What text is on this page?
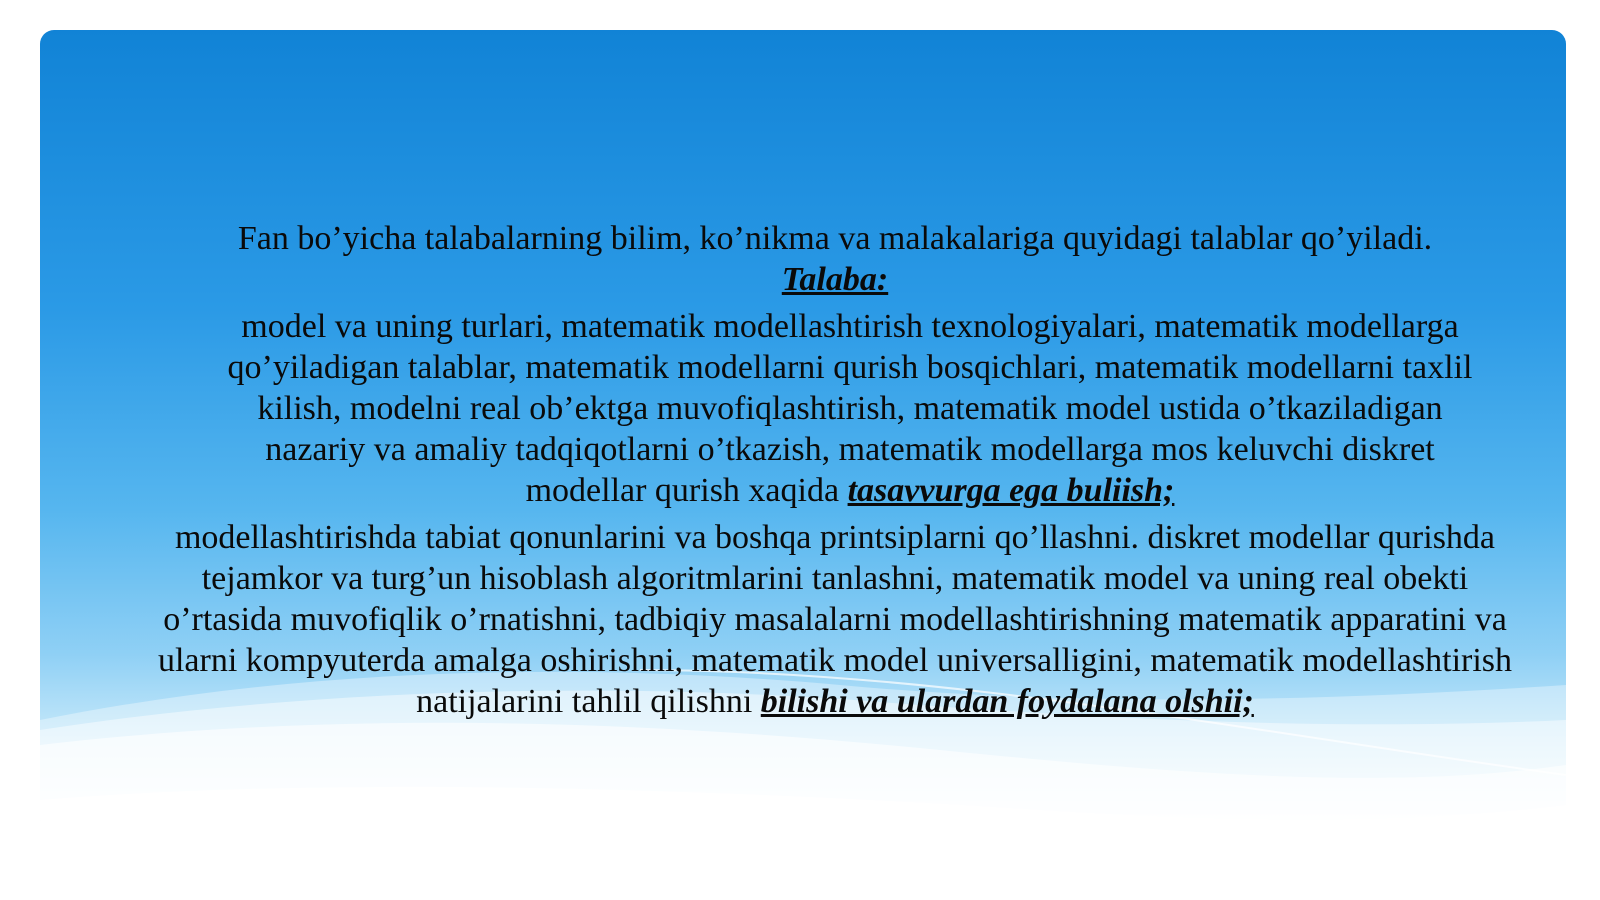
Fan bo’yicha talabalarning bilim, ko’nikma va malakalariga quyidagi talablar qo’yiladi.

Talaba:

model va uning turlari, matematik modellashtirish texnologiyalari, matematik modellarga qo’yiladigan talablar, matematik modellarni qurish bosqichlari, matematik modellarni taxlil kilish, modelni real ob’ektga muvofiqlashtirish, matematik model ustida o’tkaziladigan nazariy va amaliy tadqiqotlarni o’tkazish, matematik modellarga mos keluvchi diskret modellar qurish xaqida tasavvurga ega buliish;

modellashtirishda tabiat qonunlarini va boshqa printsiplarni qo’llashni. diskret modellar qurishda tejamkor va turg’un hisoblash algoritmlarini tanlashni, matematik model va uning real obekti o’rtasida muvofiqlik o’rnatishni, tadbiqiy masalalarni modellashtirishning matematik apparatini va ularni kompyuterda amalga oshirishni, matematik model universalligini, matematik modellashtirish natijalarini tahlil qilishni bilishi va ulardan foydalana olshii;
